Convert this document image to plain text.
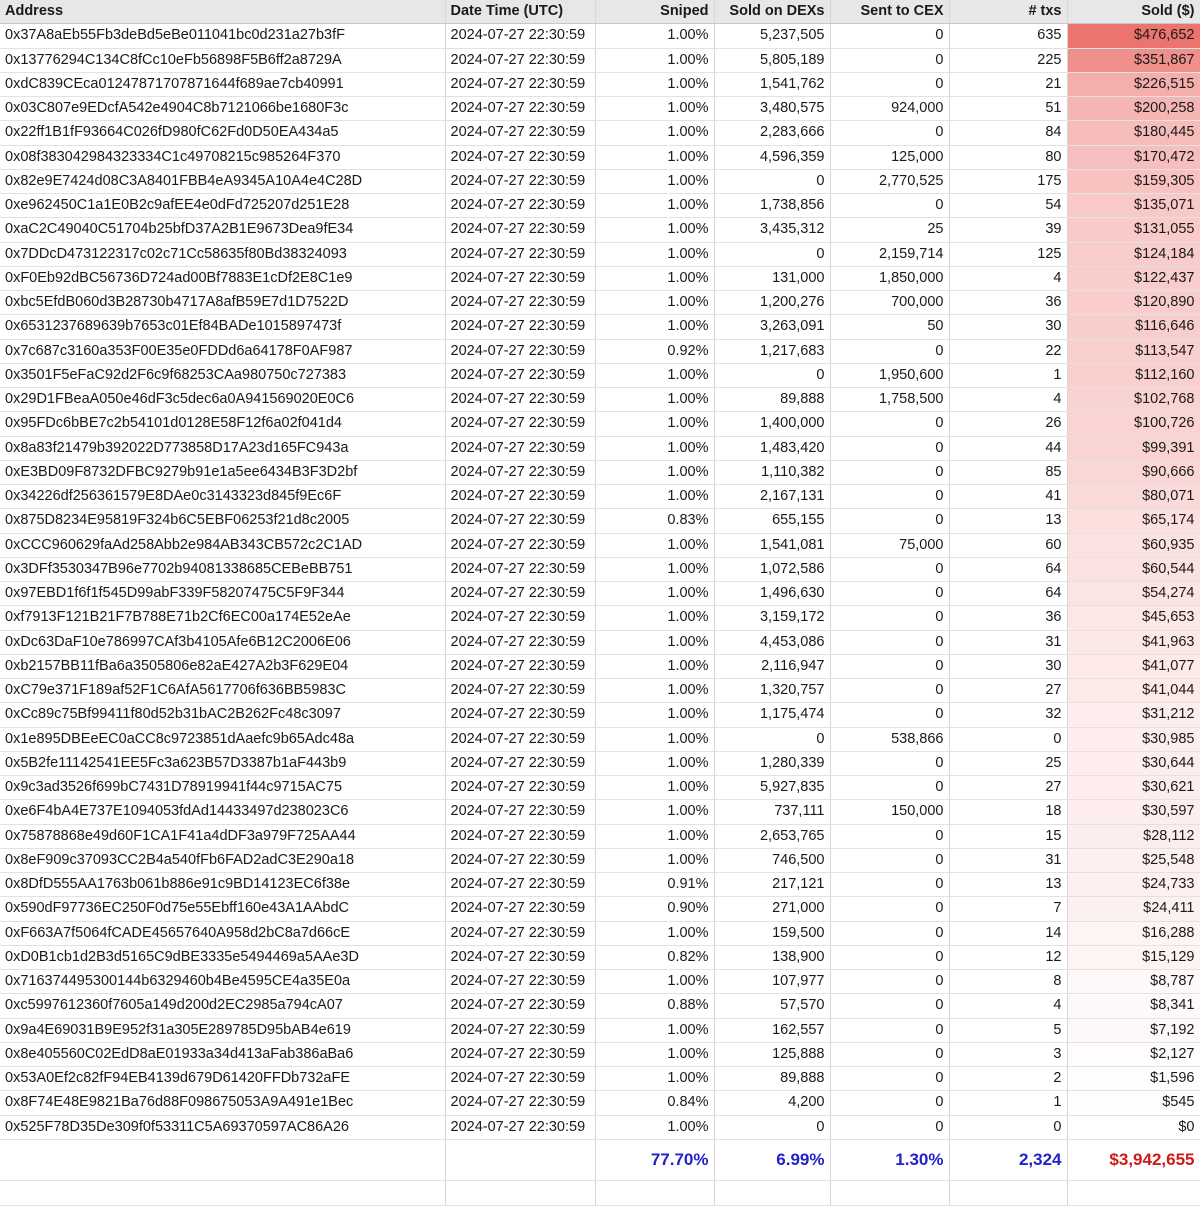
Address	Date Time (UTC)	Sniped	Sold on DEXs	Sent to CEX	# txs	Sold ($)
0x37A8aEb55Fb3deBd5eBe011041bc0d231a27b3fF	2024-07-27 22:30:59	1.00%	5,237,505	0	635	$476,652
0x13776294C134C8fCc10eFb56898F5B6ff2a8729A	2024-07-27 22:30:59	1.00%	5,805,189	0	225	$351,867
0xdC839CEca01247871707871644f689ae7cb40991	2024-07-27 22:30:59	1.00%	1,541,762	0	21	$226,515
0x03C807e9EDcfA542e4904C8b7121066be1680F3c	2024-07-27 22:30:59	1.00%	3,480,575	924,000	51	$200,258
0x22ff1B1fF93664C026fD980fC62Fd0D50EA434a5	2024-07-27 22:30:59	1.00%	2,283,666	0	84	$180,445
0x08f383042984323334C1c49708215c985264F370	2024-07-27 22:30:59	1.00%	4,596,359	125,000	80	$170,472
0x82e9E7424d08C3A8401FBB4eA9345A10A4e4C28D	2024-07-27 22:30:59	1.00%	0	2,770,525	175	$159,305
0xe962450C1a1E0B2c9afEE4e0dFd725207d251E28	2024-07-27 22:30:59	1.00%	1,738,856	0	54	$135,071
0xaC2C49040C51704b25bfD37A2B1E9673Dea9fE34	2024-07-27 22:30:59	1.00%	3,435,312	25	39	$131,055
0x7DDcD473122317c02c71Cc58635f80Bd38324093	2024-07-27 22:30:59	1.00%	0	2,159,714	125	$124,184
0xF0Eb92dBC56736D724ad00Bf7883E1cDf2E8C1e9	2024-07-27 22:30:59	1.00%	131,000	1,850,000	4	$122,437
0xbc5EfdB060d3B28730b4717A8afB59E7d1D7522D	2024-07-27 22:30:59	1.00%	1,200,276	700,000	36	$120,890
0x6531237689639b7653c01Ef84BADe1015897473f	2024-07-27 22:30:59	1.00%	3,263,091	50	30	$116,646
0x7c687c3160a353F00E35e0FDDd6a64178F0AF987	2024-07-27 22:30:59	0.92%	1,217,683	0	22	$113,547
0x3501F5eFaC92d2F6c9f68253CAa980750c727383	2024-07-27 22:30:59	1.00%	0	1,950,600	1	$112,160
0x29D1FBeaA050e46dF3c5dec6a0A941569020E0C6	2024-07-27 22:30:59	1.00%	89,888	1,758,500	4	$102,768
0x95FDc6bBE7c2b54101d0128E58F12f6a02f041d4	2024-07-27 22:30:59	1.00%	1,400,000	0	26	$100,726
0x8a83f21479b392022D773858D17A23d165FC943a	2024-07-27 22:30:59	1.00%	1,483,420	0	44	$99,391
0xE3BD09F8732DFBC9279b91e1a5ee6434B3F3D2bf	2024-07-27 22:30:59	1.00%	1,110,382	0	85	$90,666
0x34226df256361579E8DAe0c3143323d845f9Ec6F	2024-07-27 22:30:59	1.00%	2,167,131	0	41	$80,071
0x875D8234E95819F324b6C5EBF06253f21d8c2005	2024-07-27 22:30:59	0.83%	655,155	0	13	$65,174
0xCCC960629faAd258Abb2e984AB343CB572c2C1AD	2024-07-27 22:30:59	1.00%	1,541,081	75,000	60	$60,935
0x3DFf3530347B96e7702b94081338685CEBeBB751	2024-07-27 22:30:59	1.00%	1,072,586	0	64	$60,544
0x97EBD1f6f1f545D99abF339F58207475C5F9F344	2024-07-27 22:30:59	1.00%	1,496,630	0	64	$54,274
0xf7913F121B21F7B788E71b2Cf6EC00a174E52eAe	2024-07-27 22:30:59	1.00%	3,159,172	0	36	$45,653
0xDc63DaF10e786997CAf3b4105Afe6B12C2006E06	2024-07-27 22:30:59	1.00%	4,453,086	0	31	$41,963
0xb2157BB11fBa6a3505806e82aE427A2b3F629E04	2024-07-27 22:30:59	1.00%	2,116,947	0	30	$41,077
0xC79e371F189af52F1C6AfA5617706f636BB5983C	2024-07-27 22:30:59	1.00%	1,320,757	0	27	$41,044
0xCc89c75Bf99411f80d52b31bAC2B262Fc48c3097	2024-07-27 22:30:59	1.00%	1,175,474	0	32	$31,212
0x1e895DBEeEC0aCC8c9723851dAaefc9b65Adc48a	2024-07-27 22:30:59	1.00%	0	538,866	0	$30,985
0x5B2fe11142541EE5Fc3a623B57D3387b1aF443b9	2024-07-27 22:30:59	1.00%	1,280,339	0	25	$30,644
0x9c3ad3526f699bC7431D78919941f44c9715AC75	2024-07-27 22:30:59	1.00%	5,927,835	0	27	$30,621
0xe6F4bA4E737E1094053fdAd14433497d238023C6	2024-07-27 22:30:59	1.00%	737,111	150,000	18	$30,597
0x75878868e49d60F1CA1F41a4dDF3a979F725AA44	2024-07-27 22:30:59	1.00%	2,653,765	0	15	$28,112
0x8eF909c37093CC2B4a540fFb6FAD2adC3E290a18	2024-07-27 22:30:59	1.00%	746,500	0	31	$25,548
0x8DfD555AA1763b061b886e91c9BD14123EC6f38e	2024-07-27 22:30:59	0.91%	217,121	0	13	$24,733
0x590dF97736EC250F0d75e55Ebff160e43A1AAbdC	2024-07-27 22:30:59	0.90%	271,000	0	7	$24,411
0xF663A7f5064fCADE45657640A958d2bC8a7d66cE	2024-07-27 22:30:59	1.00%	159,500	0	14	$16,288
0xD0B1cb1d2B3d5165C9dBE3335e5494469a5AAe3D	2024-07-27 22:30:59	0.82%	138,900	0	12	$15,129
0x716374495300144b6329460b4Be4595CE4a35E0a	2024-07-27 22:30:59	1.00%	107,977	0	8	$8,787
0xc5997612360f7605a149d200d2EC2985a794cA07	2024-07-27 22:30:59	0.88%	57,570	0	4	$8,341
0x9a4E69031B9E952f31a305E289785D95bAB4e619	2024-07-27 22:30:59	1.00%	162,557	0	5	$7,192
0x8e405560C02EdD8aE01933a34d413aFab386aBa6	2024-07-27 22:30:59	1.00%	125,888	0	3	$2,127
0x53A0Ef2c82fF94EB4139d679D61420FFDb732aFE	2024-07-27 22:30:59	1.00%	89,888	0	2	$1,596
0x8F74E48E9821Ba76d88F098675053A9A491e1Bec	2024-07-27 22:30:59	0.84%	4,200	0	1	$545
0x525F78D35De309f0f53311C5A69370597AC86A26	2024-07-27 22:30:59	1.00%	0	0	0	$0
		77.70%	6.99%	1.30%	2,324	$3,942,655
